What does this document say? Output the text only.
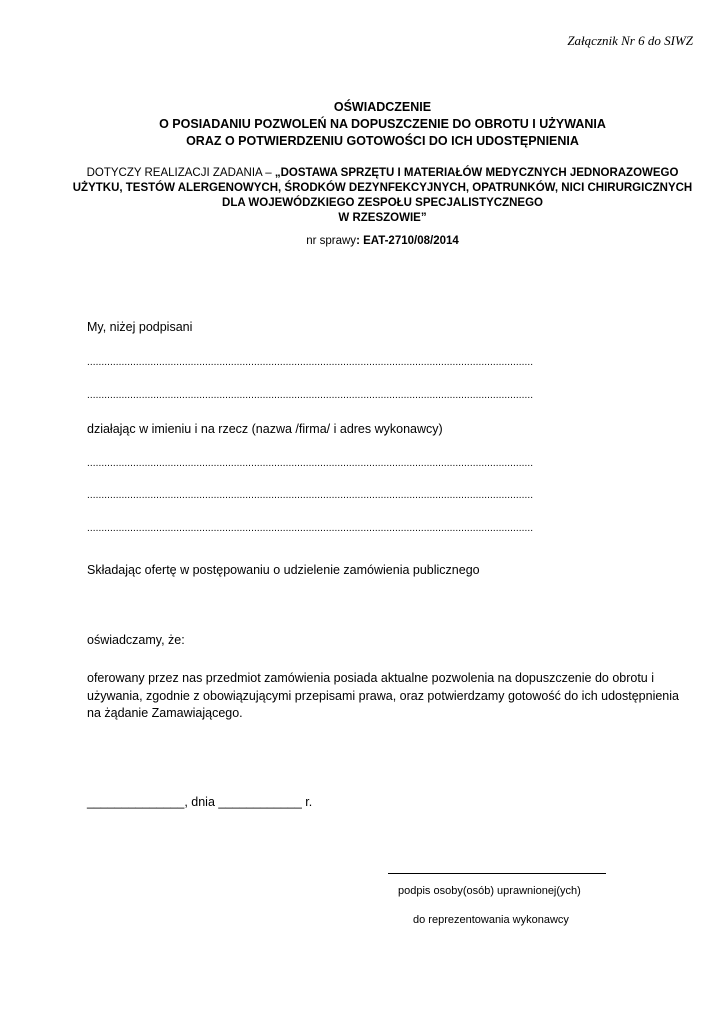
Załącznik Nr 6 do SIWZ
OŚWIADCZENIE
O POSIADANIU POZWOLEŃ NA DOPUSZCZENIE DO OBROTU I UŻYWANIA
ORAZ O POTWIERDZENIU GOTOWOŚCI DO ICH UDOSTĘPNIENIA
DOTYCZY REALIZACJI ZADANIA – „DOSTAWA SPRZĘTU I MATERIAŁÓW MEDYCZNYCH JEDNORAZOWEGO
UŻYTKU, TESTÓW ALERGENOWYCH, ŚRODKÓW DEZYNFEKCYJNYCH, OPATRUNKÓW, NICI CHIRURGICZNYCH
DLA WOJEWÓDZKIEGO ZESPOŁU SPECJALISTYCZNEGO
W RZESZOWIE”
nr sprawy: EAT-2710/08/2014
My, niżej podpisani
...........................................................................................................................................................
...........................................................................................................................................................
działając w imieniu i na rzecz (nazwa /firma/ i adres wykonawcy)
...........................................................................................................................................................
...........................................................................................................................................................
...........................................................................................................................................................
Składając ofertę w postępowaniu o udzielenie zamówienia publicznego
oświadczamy, że:
oferowany przez nas przedmiot zamówienia posiada aktualne pozwolenia na dopuszczenie do obrotu i używania, zgodnie z obowiązującymi przepisami prawa, oraz potwierdzamy gotowość do ich udostępnienia na żądanie Zamawiającego.
______________, dnia ____________ r.
podpis osoby(osób) uprawnionej(ych)
do reprezentowania wykonawcy
